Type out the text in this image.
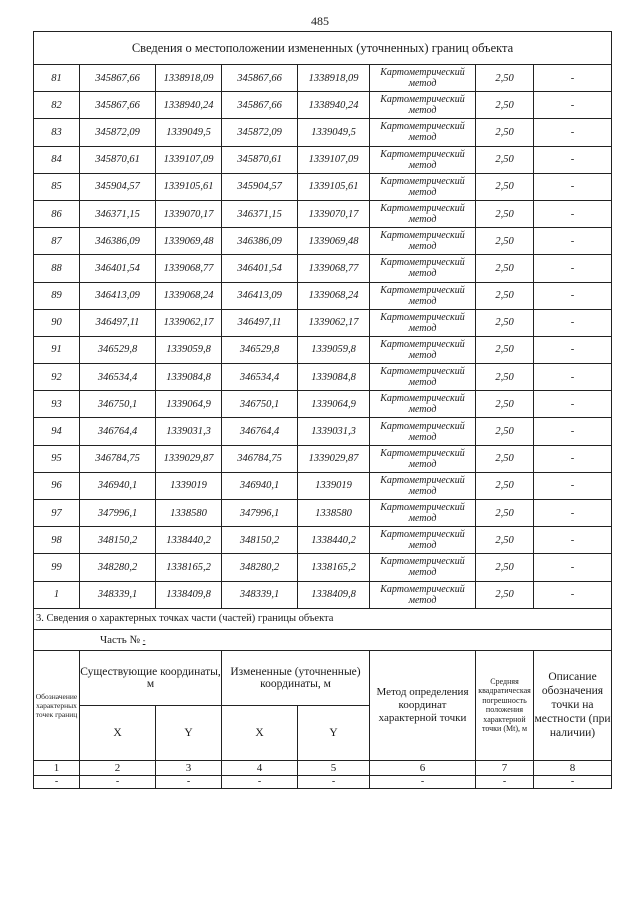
485
Сведения о местоположении измененных (уточненных) границ объекта							
81	345867,66	1338918,09	345867,66	1338918,09	Картометрический метод	2,50	-
82	345867,66	1338940,24	345867,66	1338940,24	Картометрический метод	2,50	-
83	345872,09	1339049,5	345872,09	1339049,5	Картометрический метод	2,50	-
84	345870,61	1339107,09	345870,61	1339107,09	Картометрический метод	2,50	-
85	345904,57	1339105,61	345904,57	1339105,61	Картометрический метод	2,50	-
86	346371,15	1339070,17	346371,15	1339070,17	Картометрический метод	2,50	-
87	346386,09	1339069,48	346386,09	1339069,48	Картометрический метод	2,50	-
88	346401,54	1339068,77	346401,54	1339068,77	Картометрический метод	2,50	-
89	346413,09	1339068,24	346413,09	1339068,24	Картометрический метод	2,50	-
90	346497,11	1339062,17	346497,11	1339062,17	Картометрический метод	2,50	-
91	346529,8	1339059,8	346529,8	1339059,8	Картометрический метод	2,50	-
92	346534,4	1339084,8	346534,4	1339084,8	Картометрический метод	2,50	-
93	346750,1	1339064,9	346750,1	1339064,9	Картометрический метод	2,50	-
94	346764,4	1339031,3	346764,4	1339031,3	Картометрический метод	2,50	-
95	346784,75	1339029,87	346784,75	1339029,87	Картометрический метод	2,50	-
96	346940,1	1339019	346940,1	1339019	Картометрический метод	2,50	-
97	347996,1	1338580	347996,1	1338580	Картометрический метод	2,50	-
98	348150,2	1338440,2	348150,2	1338440,2	Картометрический метод	2,50	-
99	348280,2	1338165,2	348280,2	1338165,2	Картометрический метод	2,50	-
1	348339,1	1338409,8	348339,1	1338409,8	Картометрический метод	2,50	-
3. Сведения о характерных точках части (частей) границы объекта							
Часть № -							
Обозначение характерных точек границ	Существующие координаты, м		Измененные (уточненные) координаты, м		Метод определения координат характерной точки	Средняя квадратическая погрешность положения характерной точки (Mt), м	Описание обозначения точки на местности (при наличии)
	X	Y	X	Y			
1	2	3	4	5	6	7	8
-	-	-	-	-	-	-	-
